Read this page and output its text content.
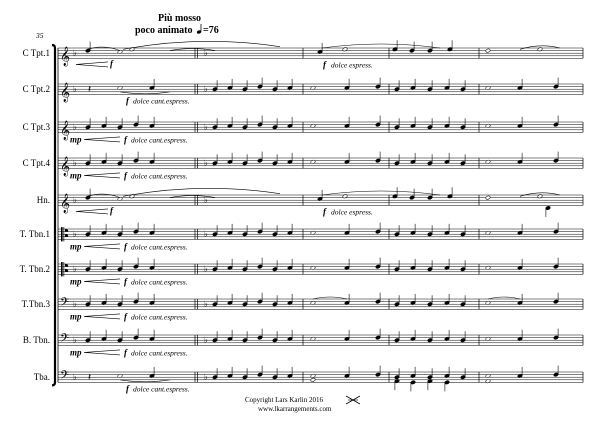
C Tpt.1
C Tpt.2
C Tpt.3
C Tpt.4
Hn.
T. Tbn.1
T. Tbn.2
T.Tbn.3
B. Tbn.
Tba.
𝄞 ♭	♭
𝄞 ♭	♭
𝄞 ♭	♭
𝄞 ♭	♭
𝄞 ♭	♭
♭	♭
♭	♭
𝄢 ♭	♭
𝄢 ♭	♭
𝄢 ♭	♭
𝄽
𝄽
f	f dolce espress.
f dolce cant.espress.
mp	f dolce cant.espress.
mp	f dolce cant.espress.
f	f dolce espress.
mp	f dolce cant.espress.
mp	f dolce cant.espress.
mp	f dolce cant.espress.
mp	f dolce cant.espress.
f dolce cant.espress.
35
Più mosso
poco animato =76
Copyright Lars Karlin 2016
www.lkarrangements.com
